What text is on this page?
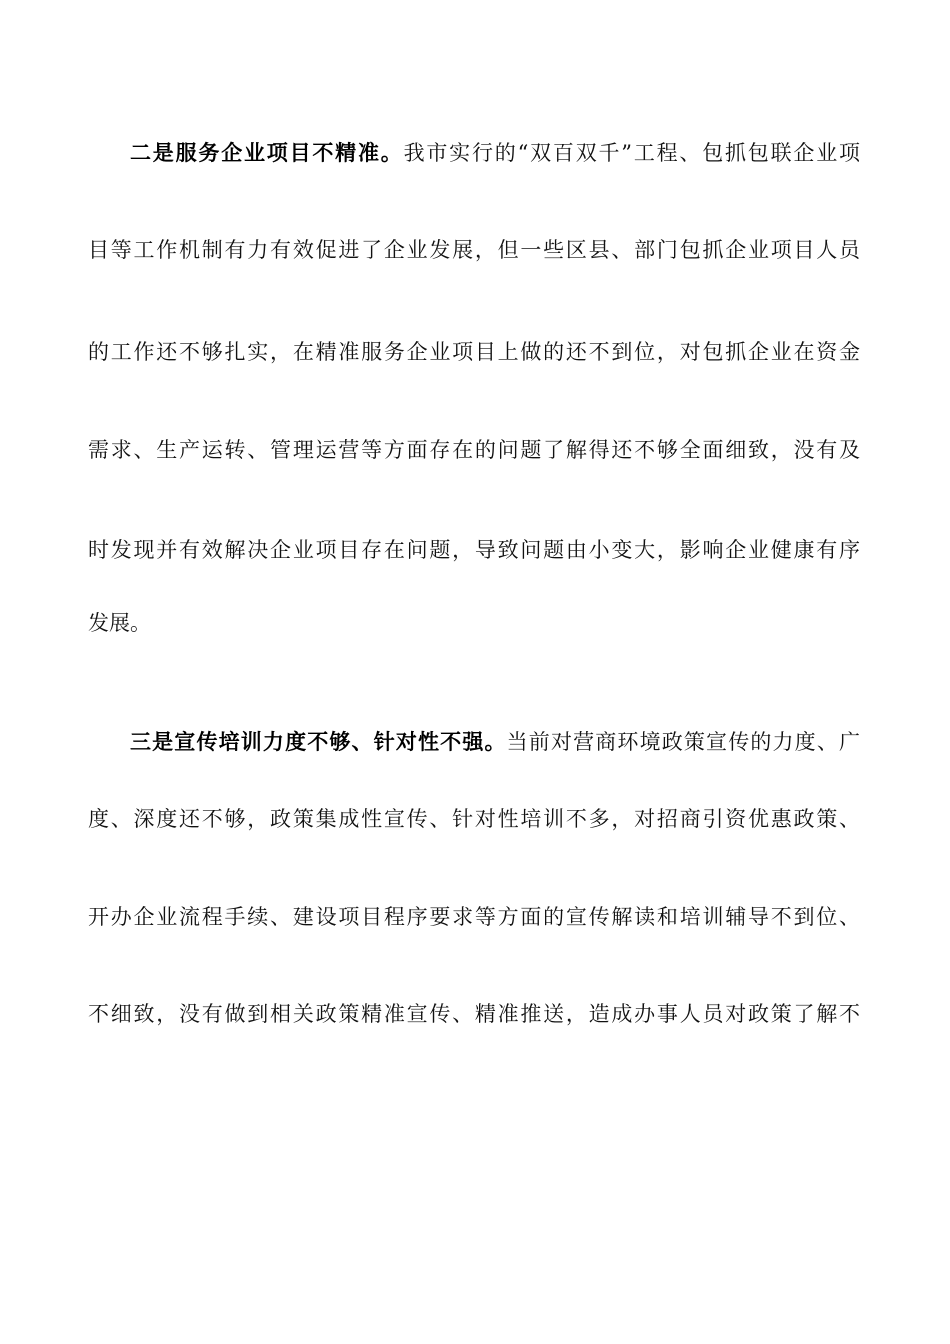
二是服务企业项目不精准。我市实行的“双百双千”工程、包抓包联企业项
目等工作机制有力有效促进了企业发展，但一些区县、部门包抓企业项目人员
的工作还不够扎实，在精准服务企业项目上做的还不到位，对包抓企业在资金
需求、生产运转、管理运营等方面存在的问题了解得还不够全面细致，没有及
时发现并有效解决企业项目存在问题，导致问题由小变大，影响企业健康有序
发展。
三是宣传培训力度不够、针对性不强。当前对营商环境政策宣传的力度、广
度、深度还不够，政策集成性宣传、针对性培训不多，对招商引资优惠政策、
开办企业流程手续、建设项目程序要求等方面的宣传解读和培训辅导不到位、
不细致，没有做到相关政策精准宣传、精准推送，造成办事人员对政策了解不
